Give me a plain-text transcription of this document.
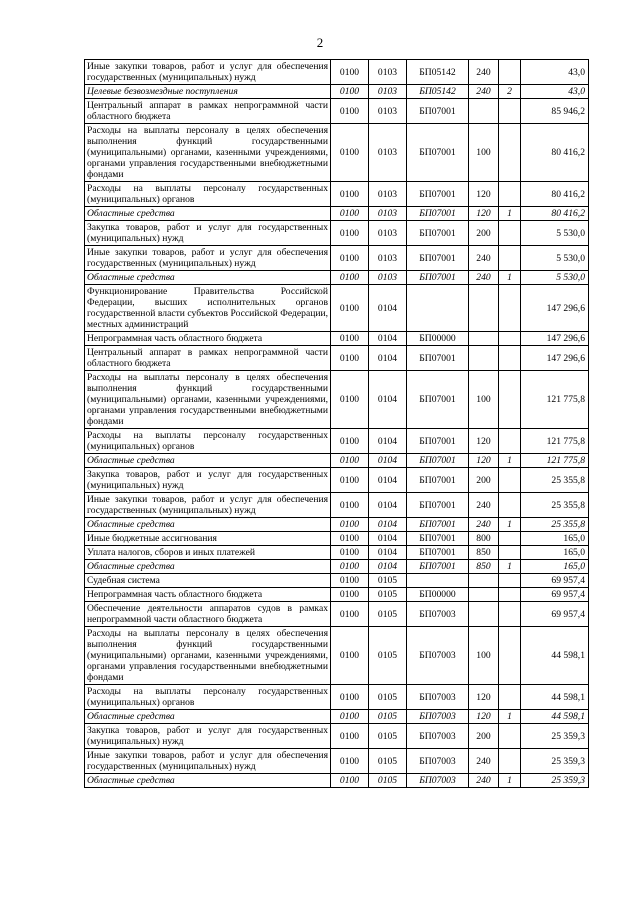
2
Иные закупки товаров, работ и услуг для обеспечения государственных (муниципальных) нужд	0100	0103	БП05142	240		43,0
Целевые безвозмездные поступления	0100	0103	БП05142	240	2	43,0
Центральный аппарат в рамках непрограммной части областного бюджета	0100	0103	БП07001			85 946,2
Расходы на выплаты персоналу в целях обеспечения выполнения функций государственными (муниципальными) органами, казенными учреждениями, органами управления государственными внебюджетными фондами	0100	0103	БП07001	100		80 416,2
Расходы на выплаты персоналу государственных (муниципальных) органов	0100	0103	БП07001	120		80 416,2
Областные средства	0100	0103	БП07001	120	1	80 416,2
Закупка товаров, работ и услуг для государственных (муниципальных) нужд	0100	0103	БП07001	200		5 530,0
Иные закупки товаров, работ и услуг для обеспечения государственных (муниципальных) нужд	0100	0103	БП07001	240		5 530,0
Областные средства	0100	0103	БП07001	240	1	5 530,0
Функционирование Правительства Российской Федерации, высших исполнительных органов государственной власти субъектов Российской Федерации, местных администраций	0100	0104				147 296,6
Непрограммная часть областного бюджета	0100	0104	БП00000			147 296,6
Центральный аппарат в рамках непрограммной части областного бюджета	0100	0104	БП07001			147 296,6
Расходы на выплаты персоналу в целях обеспечения выполнения функций государственными (муниципальными) органами, казенными учреждениями, органами управления государственными внебюджетными фондами	0100	0104	БП07001	100		121 775,8
Расходы на выплаты персоналу государственных (муниципальных) органов	0100	0104	БП07001	120		121 775,8
Областные средства	0100	0104	БП07001	120	1	121 775,8
Закупка товаров, работ и услуг для государственных (муниципальных) нужд	0100	0104	БП07001	200		25 355,8
Иные закупки товаров, работ и услуг для обеспечения государственных (муниципальных) нужд	0100	0104	БП07001	240		25 355,8
Областные средства	0100	0104	БП07001	240	1	25 355,8
Иные бюджетные ассигнования	0100	0104	БП07001	800		165,0
Уплата налогов, сборов и иных платежей	0100	0104	БП07001	850		165,0
Областные средства	0100	0104	БП07001	850	1	165,0
Судебная система	0100	0105				69 957,4
Непрограммная часть областного бюджета	0100	0105	БП00000			69 957,4
Обеспечение деятельности аппаратов судов в рамках непрограммной части областного бюджета	0100	0105	БП07003			69 957,4
Расходы на выплаты персоналу в целях обеспечения выполнения функций государственными (муниципальными) органами, казенными учреждениями, органами управления государственными внебюджетными фондами	0100	0105	БП07003	100		44 598,1
Расходы на выплаты персоналу государственных (муниципальных) органов	0100	0105	БП07003	120		44 598,1
Областные средства	0100	0105	БП07003	120	1	44 598,1
Закупка товаров, работ и услуг для государственных (муниципальных) нужд	0100	0105	БП07003	200		25 359,3
Иные закупки товаров, работ и услуг для обеспечения государственных (муниципальных) нужд	0100	0105	БП07003	240		25 359,3
Областные средства	0100	0105	БП07003	240	1	25 359,3
